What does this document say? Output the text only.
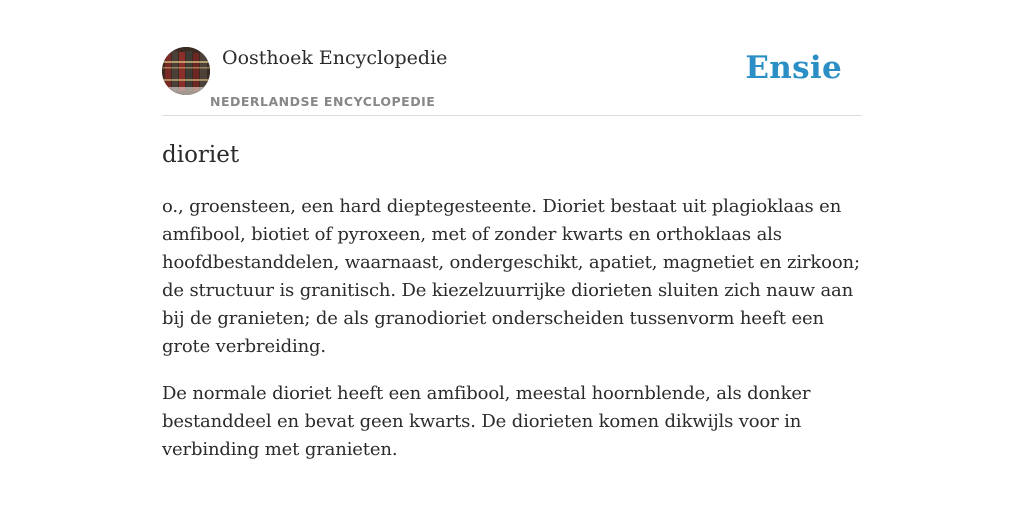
Oosthoek Encyclopedie
NEDERLANDSE ENCYCLOPEDIE
Ensie
dioriet

o., groensteen, een hard dieptegesteente. Dioriet bestaat uit plagioklaas en amfibool, biotiet of pyroxeen, met of zonder kwarts en orthoklaas als hoofdbestanddelen, waarnaast, ondergeschikt, apatiet, magnetiet en zirkoon; de structuur is granitisch. De kiezelzuurrijke diorieten sluiten zich nauw aan bij de granieten; de als granodioriet onderscheiden tussenvorm heeft een grote verbreiding.

De normale dioriet heeft een amfibool, meestal hoornblende, als donker bestanddeel en bevat geen kwarts. De diorieten komen dikwijls voor in verbinding met granieten.
